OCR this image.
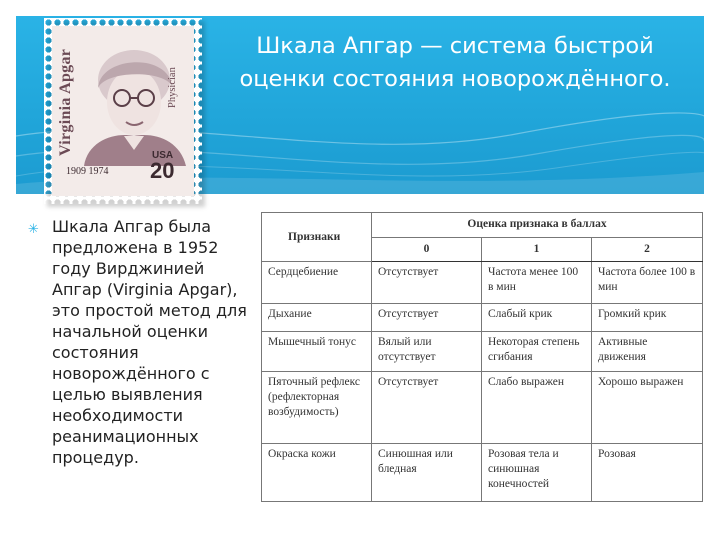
Шкала Апгар — система быстрой оценки состояния новорождённого.
Virginia Apgar	Physician
1909 1974
USA
20
✳ Шкала Апгар была предложена в 1952 году Вирджинией Апгар (Virginia Apgar), это простой метод для начальной оценки состояния новорождённого с целью выявления необходимости реанимационных процедур.

Признаки	Оценка признака в баллах		
	0	1	2
Сердцебиение	Отсутствует	Частота менее 100 в мин	Частота более 100 в мин
Дыхание	Отсутствует	Слабый крик	Громкий крик
Мышечный тонус	Вялый или отсутствует	Некоторая степень сгибания	Активные движения
Пяточный рефлекс (рефлекторная возбудимость)	Отсутствует	Слабо выражен	Хорошо выражен
Окраска кожи	Синюшная или бледная	Розовая тела и синюшная конечностей	Розовая
